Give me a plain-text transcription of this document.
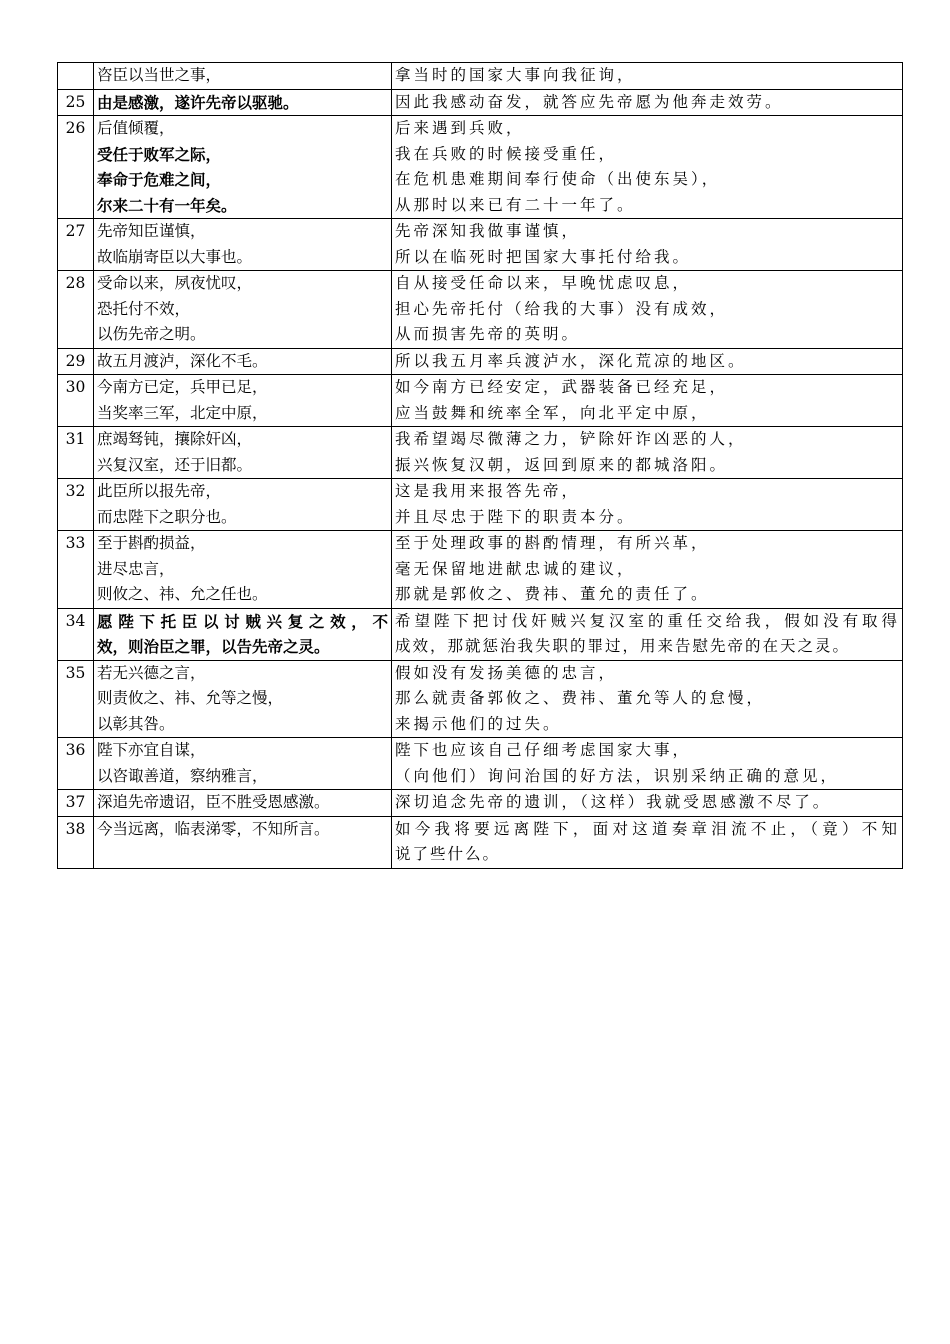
	咨臣以当世之事，	拿当时的国家大事向我征询，

25	由是感激，遂许先帝以驱驰。	因此我感动奋发，就答应先帝愿为他奔走效劳。

26	后值倾覆，
受任于败军之际，
奉命于危难之间，
尔来二十有一年矣。	后来遇到兵败，
我在兵败的时候接受重任，
在危机患难期间奉行使命（出使东吴），
从那时以来已有二十一年了。

27	先帝知臣谨慎，
故临崩寄臣以大事也。	先帝深知我做事谨慎，
所以在临死时把国家大事托付给我。

28	受命以来，夙夜忧叹，
恐托付不效，
以伤先帝之明。	自从接受任命以来，早晚忧虑叹息，
担心先帝托付（给我的大事）没有成效，
从而损害先帝的英明。

29	故五月渡泸，深化不毛。	所以我五月率兵渡泸水，深化荒凉的地区。

30	今南方已定，兵甲已足，
当奖率三军，北定中原，	如今南方已经安定，武器装备已经充足，
应当鼓舞和统率全军，向北平定中原，

31	庶竭驽钝，攘除奸凶，
兴复汉室，还于旧都。	我希望竭尽微薄之力，铲除奸诈凶恶的人，
振兴恢复汉朝，返回到原来的都城洛阳。

32	此臣所以报先帝，
而忠陛下之职分也。	这是我用来报答先帝，
并且尽忠于陛下的职责本分。

33	至于斟酌损益，
进尽忠言，
则攸之、祎、允之任也。	至于处理政事的斟酌情理，有所兴革，
毫无保留地进献忠诚的建议，
那就是郭攸之、费祎、董允的责任了。

34	愿陛下托臣以讨贼兴复之效，不
效，则治臣之罪，以告先帝之灵。	希望陛下把讨伐奸贼兴复汉室的重任交给我，假如没有取得
成效，那就惩治我失职的罪过，用来告慰先帝的在天之灵。

35	若无兴德之言，
则责攸之、祎、允等之慢，
以彰其咎。	假如没有发扬美德的忠言，
那么就责备郭攸之、费祎、董允等人的怠慢，
来揭示他们的过失。

36	陛下亦宜自谋，
以咨诹善道，察纳雅言，	陛下也应该自己仔细考虑国家大事，
（向他们）询问治国的好方法，识别采纳正确的意见，

37	深追先帝遗诏，臣不胜受恩感激。	深切追念先帝的遗训，（这样）我就受恩感激不尽了。

38	今当远离，临表涕零，不知所言。	如今我将要远离陛下，面对这道奏章泪流不止，（竟）不知
说了些什么。
